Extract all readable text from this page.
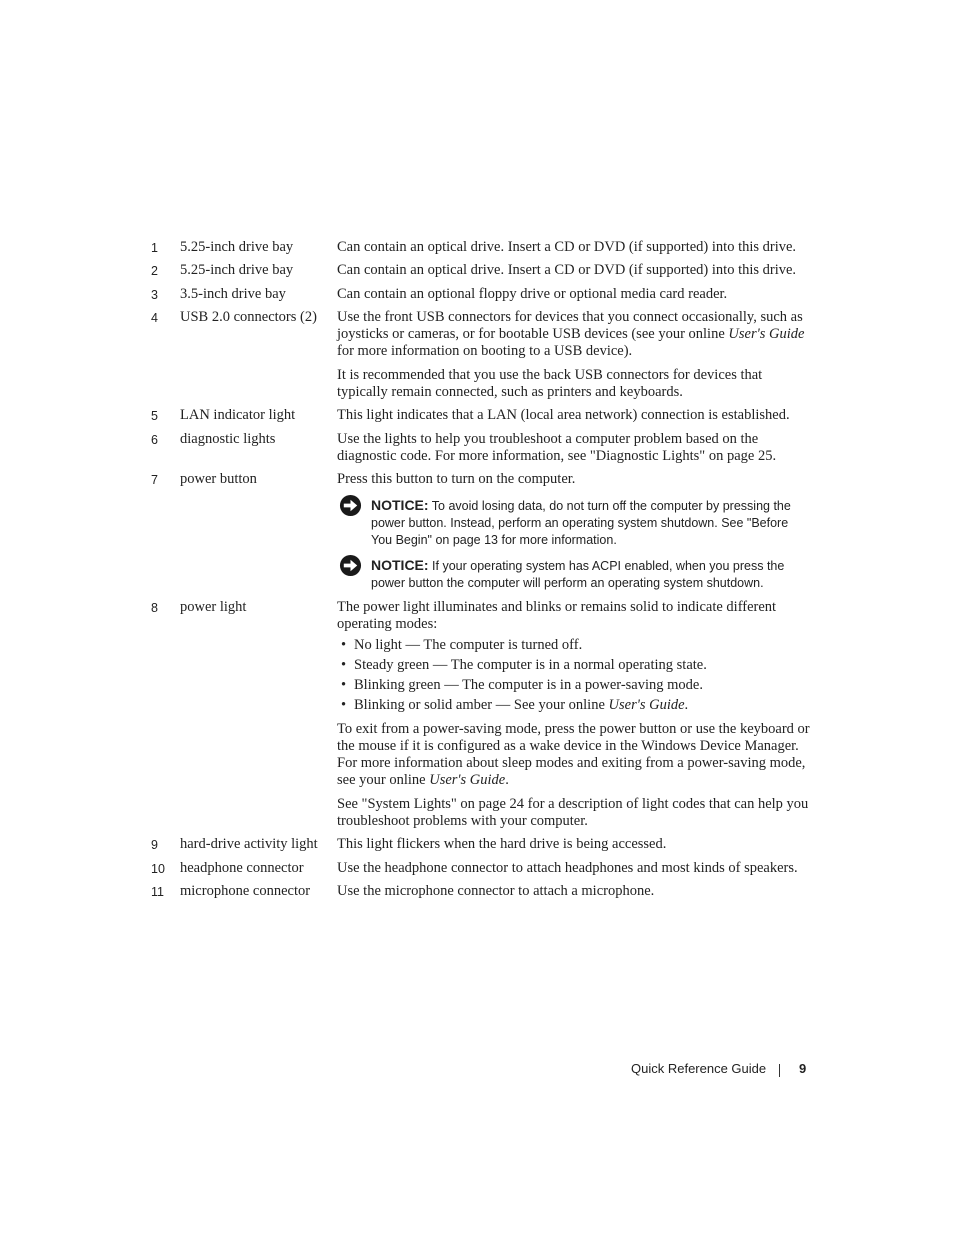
1 5.25-inch drive bay	Can contain an optical drive. Insert a CD or DVD (if supported) into this drive.

2 5.25-inch drive bay	Can contain an optical drive. Insert a CD or DVD (if supported) into this drive.

3 3.5-inch drive bay	Can contain an optional floppy drive or optional media card reader.

4 USB 2.0 connectors (2)	Use the front USB connectors for devices that you connect occasionally, such as joysticks or cameras, or for bootable USB devices (see your online User's Guide for more information on booting to a USB device).

It is recommended that you use the back USB connectors for devices that typically remain connected, such as printers and keyboards.

5 LAN indicator light	This light indicates that a LAN (local area network) connection is established.

6 diagnostic lights	Use the lights to help you troubleshoot a computer problem based on the diagnostic code. For more information, see "Diagnostic Lights" on page 25.

7 power button	Press this button to turn on the computer.

NOTICE: To avoid losing data, do not turn off the computer by pressing the power button. Instead, perform an operating system shutdown. See "Before You Begin" on page 13 for more information.
NOTICE: If your operating system has ACPI enabled, when you press the power button the computer will perform an operating system shutdown.
8 power light	The power light illuminates and blinks or remains solid to indicate different operating modes:

• No light — The computer is turned off.
• Steady green — The computer is in a normal operating state.
• Blinking green — The computer is in a power-saving mode.
• Blinking or solid amber — See your online User's Guide.

To exit from a power-saving mode, press the power button or use the keyboard or the mouse if it is configured as a wake device in the Windows Device Manager. For more information about sleep modes and exiting from a power-saving mode, see your online User's Guide.

See "System Lights" on page 24 for a description of light codes that can help you troubleshoot problems with your computer.

9 hard-drive activity light	This light flickers when the hard drive is being accessed.

10 headphone connector	Use the headphone connector to attach headphones and most kinds of speakers.

11 microphone connector	Use the microphone connector to attach a microphone.

Quick Reference Guide	9
